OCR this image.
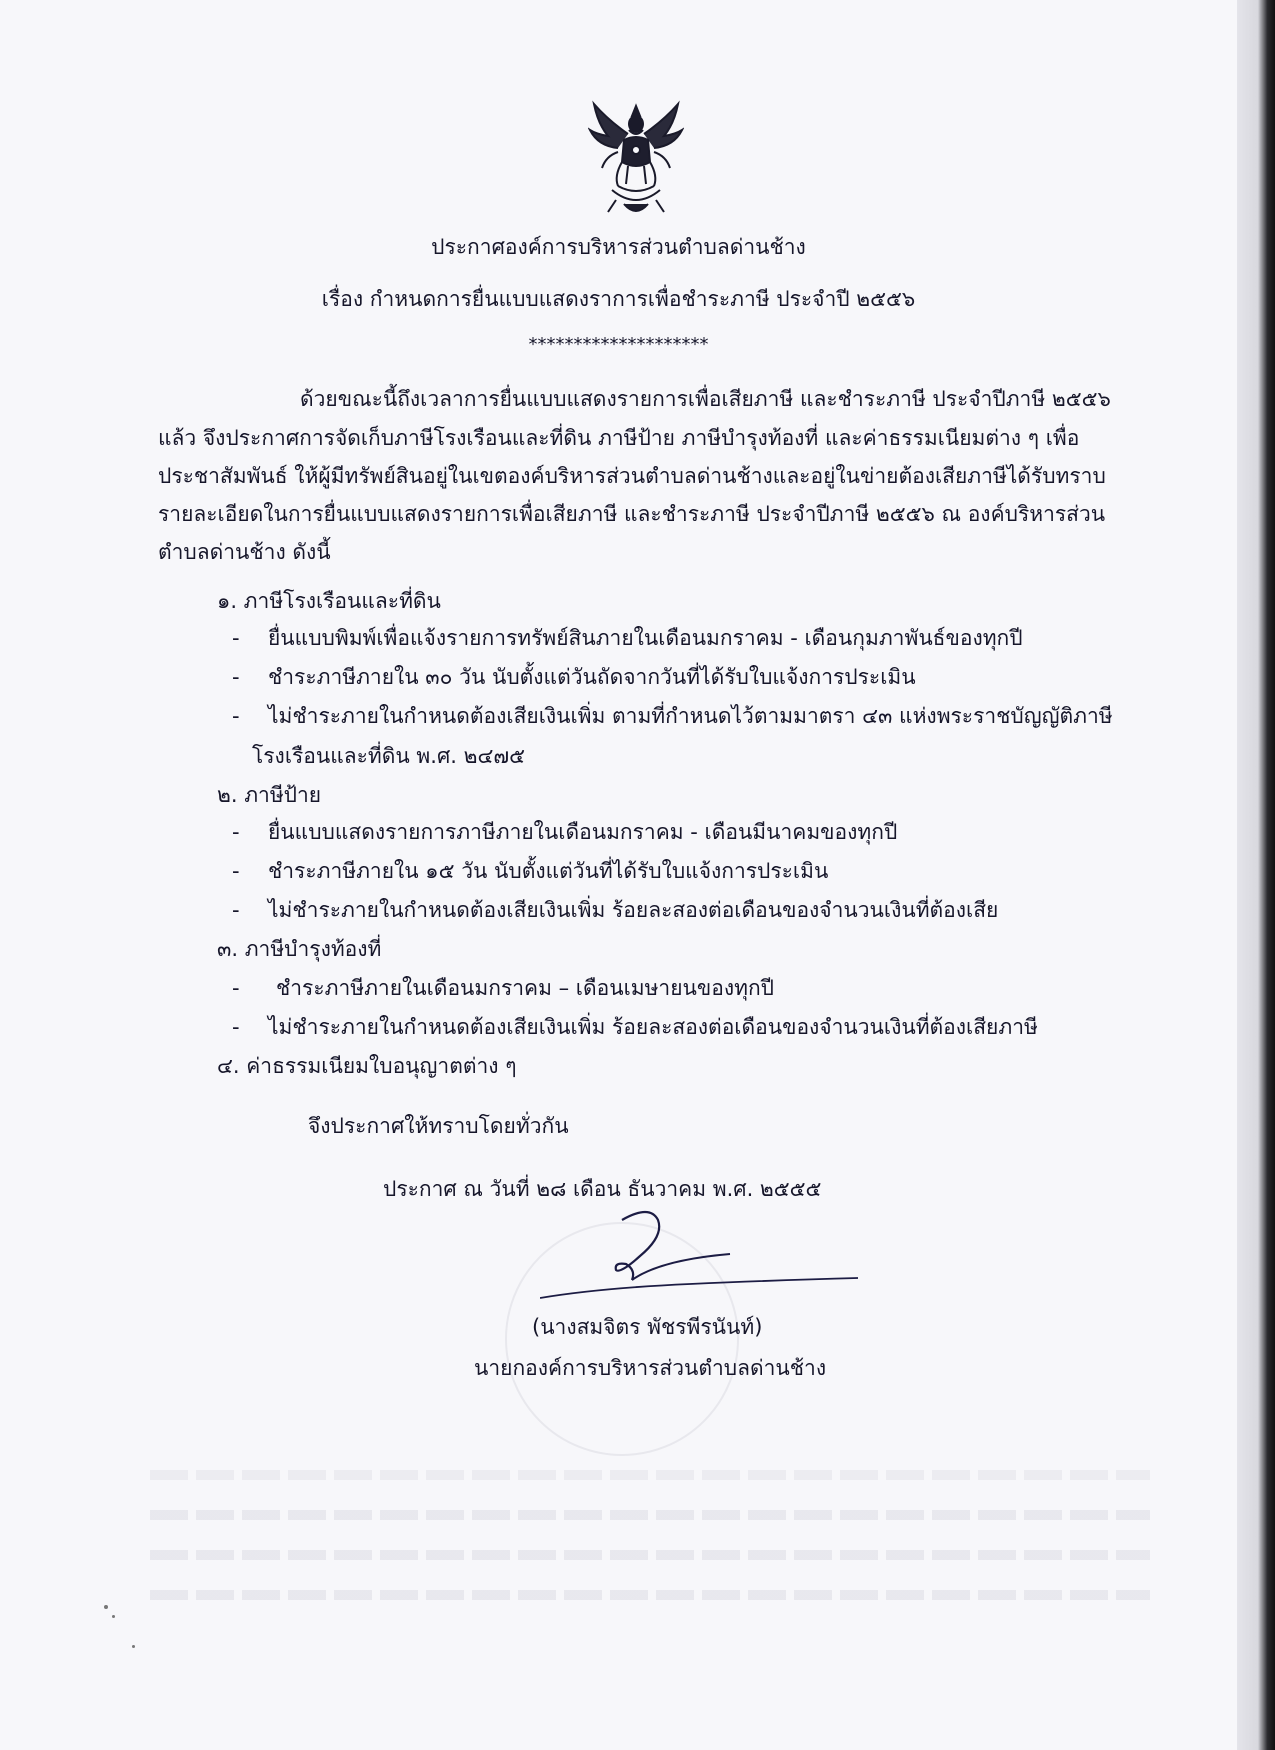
ประกาศองค์การบริหารส่วนตำบลด่านช้าง
เรื่อง กำหนดการยื่นแบบแสดงราการเพื่อชำระภาษี ประจำปี ๒๕๕๖
********************
ด้วยขณะนี้ถึงเวลาการยื่นแบบแสดงรายการเพื่อเสียภาษี และชำระภาษี ประจำปีภาษี ๒๕๕๖
แล้ว จึงประกาศการจัดเก็บภาษีโรงเรือนและที่ดิน ภาษีป้าย ภาษีบำรุงท้องที่ และค่าธรรมเนียมต่าง ๆ เพื่อ
ประชาสัมพันธ์ ให้ผู้มีทรัพย์สินอยู่ในเขตองค์บริหารส่วนตำบลด่านช้างและอยู่ในข่ายต้องเสียภาษีได้รับทราบ
รายละเอียดในการยื่นแบบแสดงรายการเพื่อเสียภาษี และชำระภาษี ประจำปีภาษี ๒๕๕๖ ณ องค์บริหารส่วน
ตำบลด่านช้าง ดังนี้
๑. ภาษีโรงเรือนและที่ดิน
- ยื่นแบบพิมพ์เพื่อแจ้งรายการทรัพย์สินภายในเดือนมกราคม - เดือนกุมภาพันธ์ของทุกปี
- ชำระภาษีภายใน ๓๐ วัน นับตั้งแต่วันถัดจากวันที่ได้รับใบแจ้งการประเมิน
- ไม่ชำระภายในกำหนดต้องเสียเงินเพิ่ม ตามที่กำหนดไว้ตามมาตรา ๔๓ แห่งพระราชบัญญัติภาษี
โรงเรือนและที่ดิน พ.ศ. ๒๔๗๕
๒. ภาษีป้าย
- ยื่นแบบแสดงรายการภาษีภายในเดือนมกราคม - เดือนมีนาคมของทุกปี
- ชำระภาษีภายใน ๑๕ วัน นับตั้งแต่วันที่ได้รับใบแจ้งการประเมิน
- ไม่ชำระภายในกำหนดต้องเสียเงินเพิ่ม ร้อยละสองต่อเดือนของจำนวนเงินที่ต้องเสีย
๓. ภาษีบำรุงท้องที่
- ชำระภาษีภายในเดือนมกราคม – เดือนเมษายนของทุกปี
- ไม่ชำระภายในกำหนดต้องเสียเงินเพิ่ม ร้อยละสองต่อเดือนของจำนวนเงินที่ต้องเสียภาษี
๔. ค่าธรรมเนียมใบอนุญาตต่าง ๆ
จึงประกาศให้ทราบโดยทั่วกัน
ประกาศ ณ วันที่ ๒๘ เดือน ธันวาคม พ.ศ. ๒๕๕๕
(นางสมจิตร พัชรพีรนันท์)
นายกองค์การบริหารส่วนตำบลด่านช้าง
